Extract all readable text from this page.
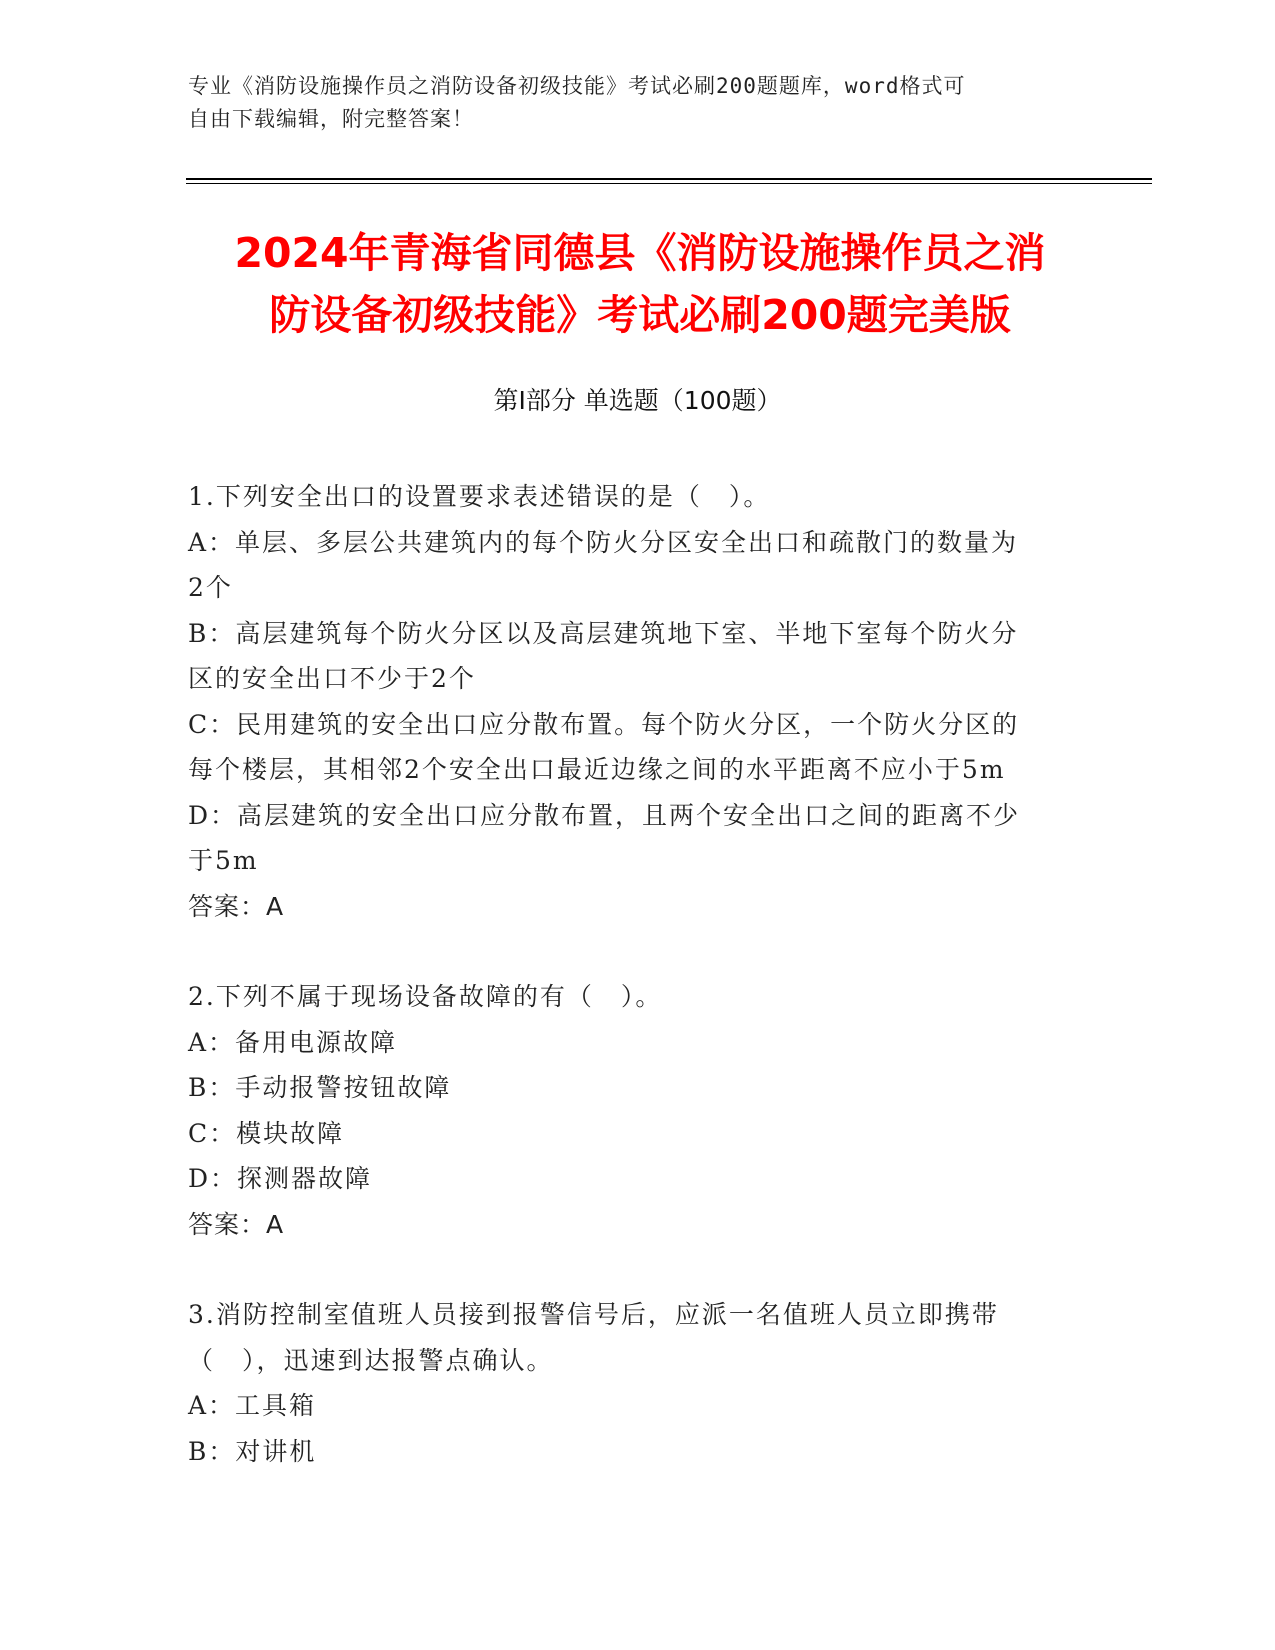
专业《消防设施操作员之消防设备初级技能》考试必刷200题题库，word格式可
自由下载编辑，附完整答案！
2024年青海省同德县《消防设施操作员之消
防设备初级技能》考试必刷200题完美版
第Ⅰ部分 单选题（100题）
1.下列安全出口的设置要求表述错误的是（　）。
A：单层、多层公共建筑内的每个防火分区安全出口和疏散门的数量为
2个
B：高层建筑每个防火分区以及高层建筑地下室、半地下室每个防火分
区的安全出口不少于2个
C：民用建筑的安全出口应分散布置。每个防火分区，一个防火分区的
每个楼层，其相邻2个安全出口最近边缘之间的水平距离不应小于5m
D：高层建筑的安全出口应分散布置，且两个安全出口之间的距离不少
于5m
答案：A
2.下列不属于现场设备故障的有（　）。
A：备用电源故障
B：手动报警按钮故障
C：模块故障
D：探测器故障
答案：A
3.消防控制室值班人员接到报警信号后，应派一名值班人员立即携带
（　），迅速到达报警点确认。
A：工具箱
B：对讲机
